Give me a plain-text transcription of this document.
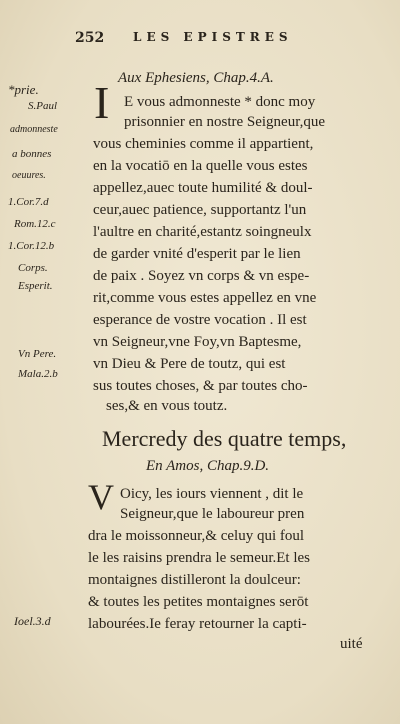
252 LES EPISTRES
Aux Ephesiens, Chap.4.A.
I E vous admonneste * donc moy
prisonnier en nostre Seigneur,que
vous cheminies comme il appartient,
en la vocatiō en la quelle vous estes
appellez,auec toute humilité & doul-
ceur,auec patience, supportantz l'un
l'aultre en charité,estantz soingneulx
de garder vnité d'esperit par le lien
de paix . Soyez vn corps & vn espe-
rit,comme vous estes appellez en vne
esperance de vostre vocation . Il est
vn Seigneur,vne Foy,vn Baptesme,
vn Dieu & Pere de toutz, qui est
sus toutes choses, & par toutes cho-
ses,& en vous toutz.
*prie.
S.Paul
admonneste
a bonnes
oeuures.
1.Cor.7.d
Rom.12.c
1.Cor.12.b
Corps.
Esperit.
Vn Pere.
Mala.2.b
Mercredy des quatre temps,
En Amos, Chap.9.D.
V Oicy, les iours viennent , dit le
Seigneur,que le laboureur pren
dra le moissonneur,& celuy qui foul
le les raisins prendra le semeur.Et les
montaignes distilleront la doulceur:
& toutes les petites montaignes serōt
labourées.Ie feray retourner la capti-
Ioel.3.d
uité
